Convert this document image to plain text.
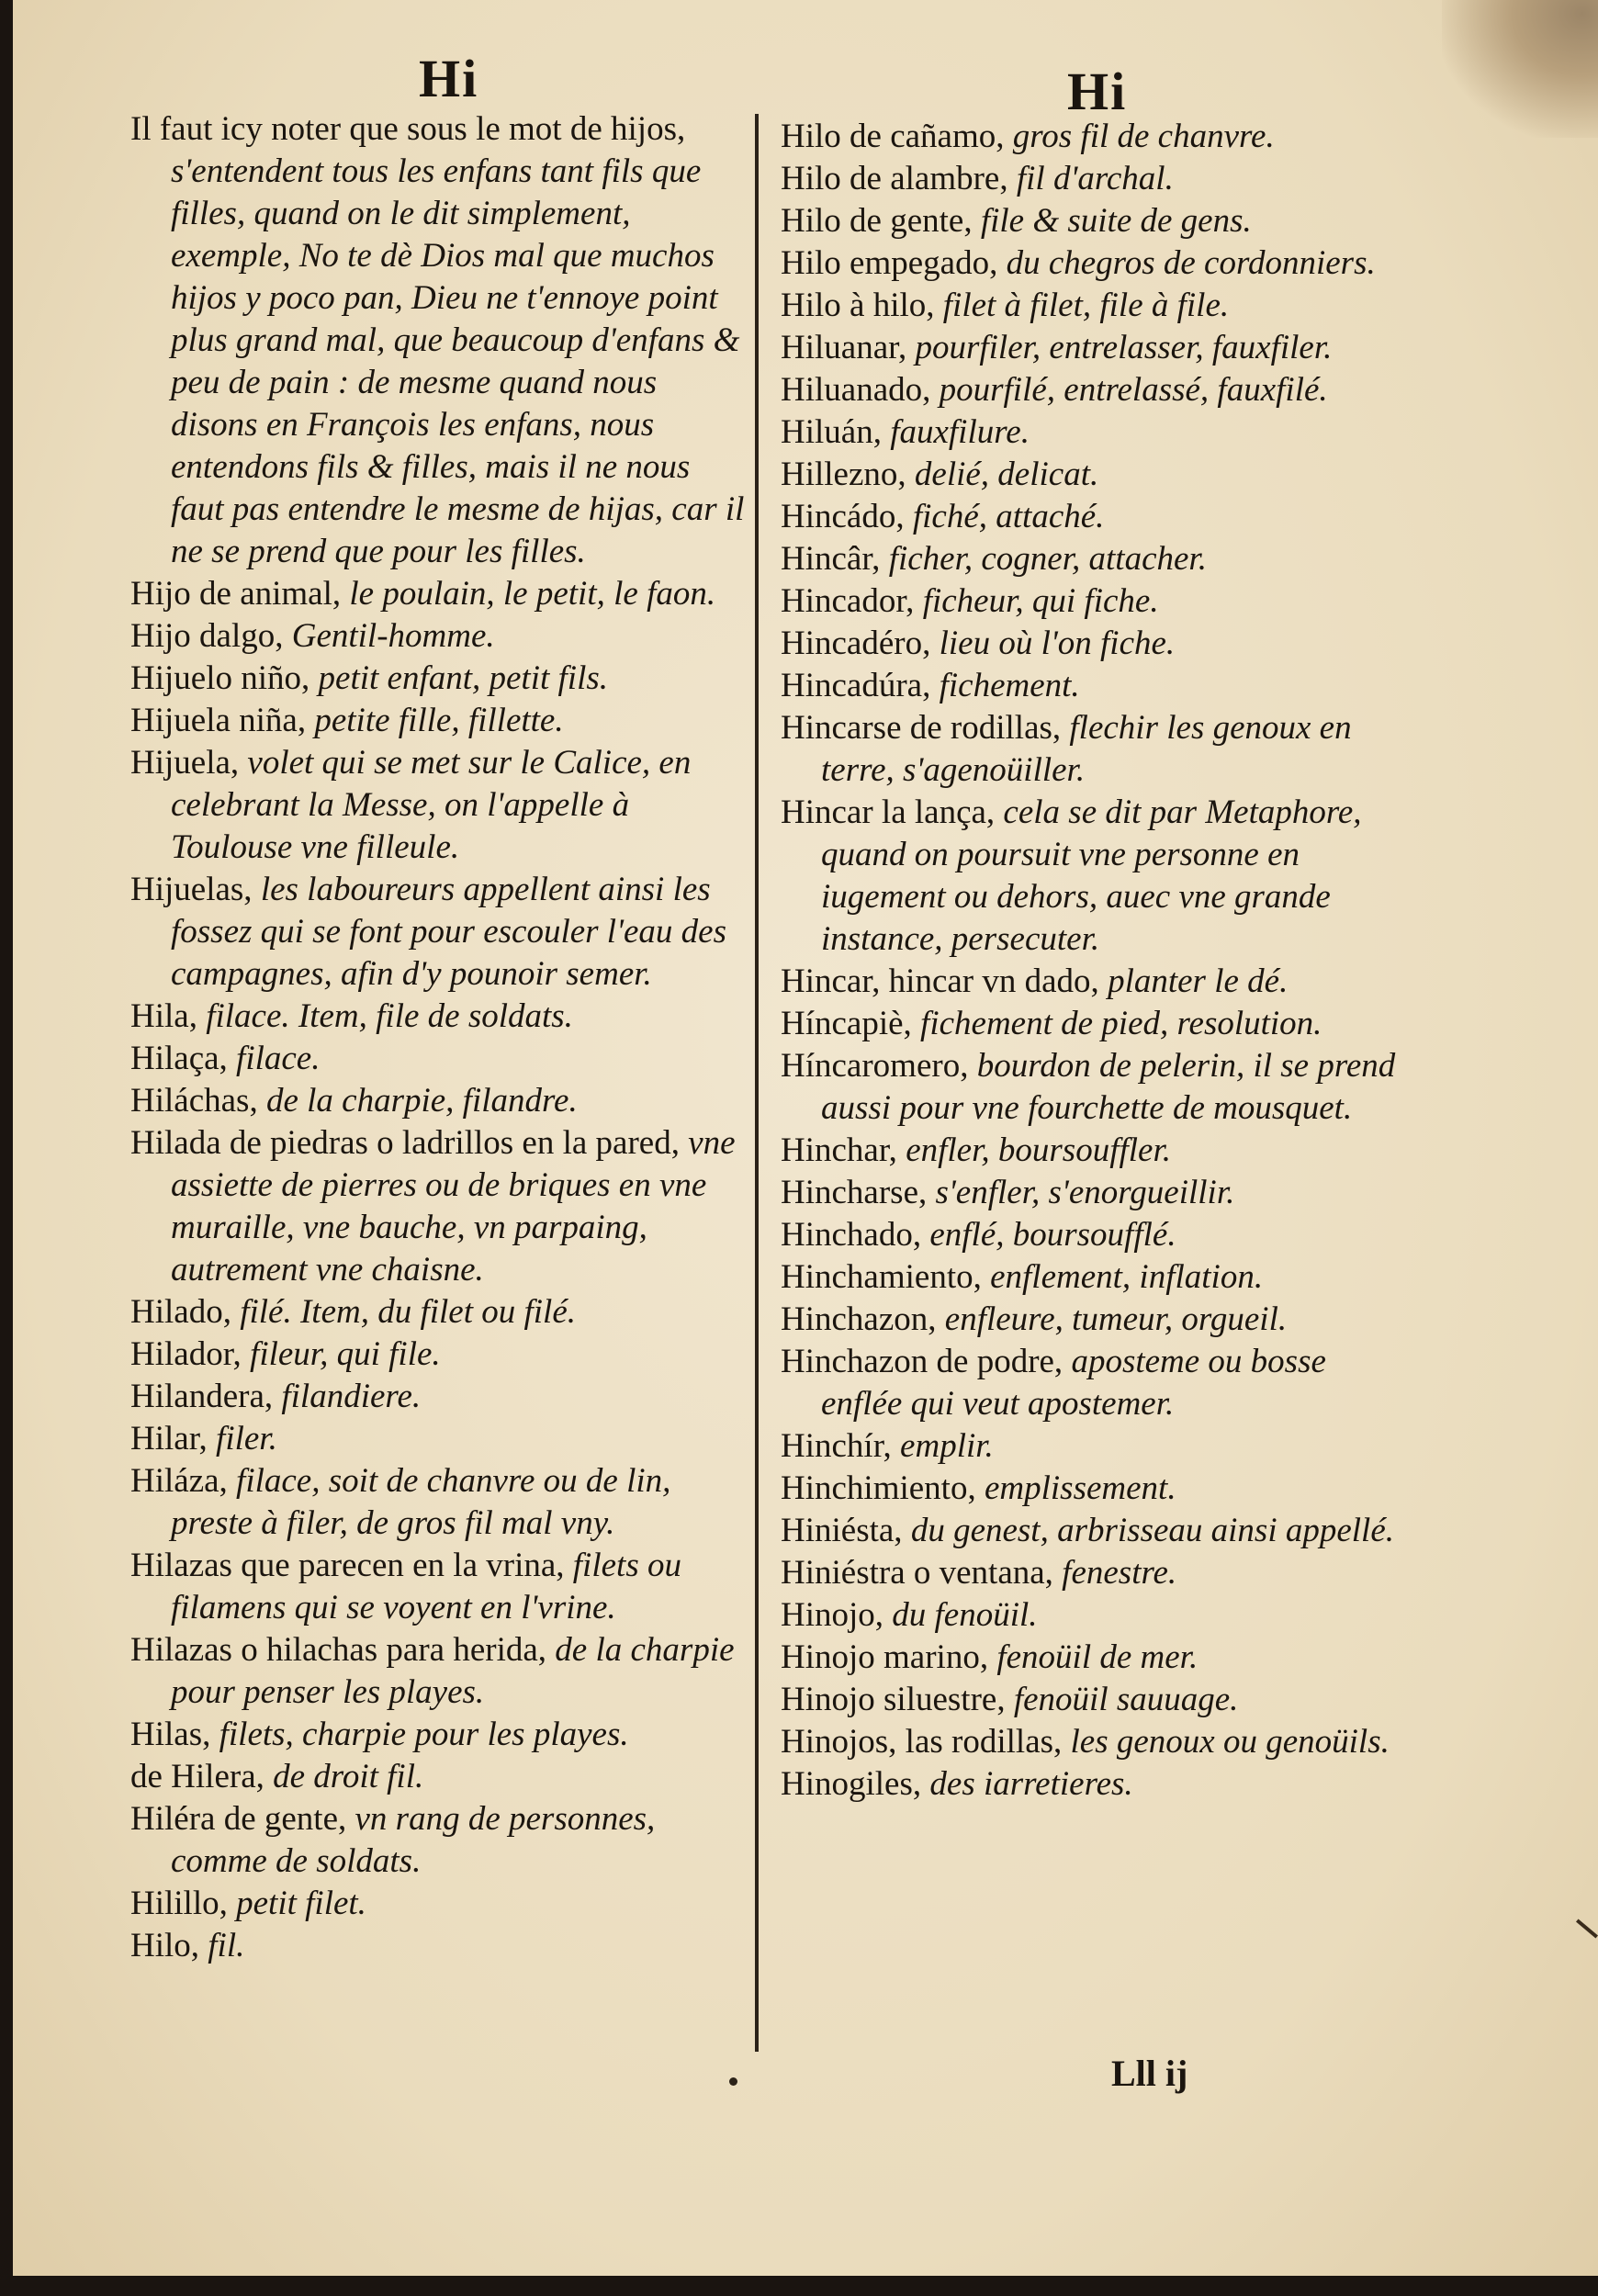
Hi	Hi

Il faut icy noter que sous le mot de hijos, s'entendent tous les enfans tant fils que filles, quand on le dit simplement, exemple, No te dè Dios mal que muchos hijos y poco pan, Dieu ne t'ennoye point plus grand mal, que beaucoup d'enfans & peu de pain : de mesme quand nous disons en François les enfans, nous entendons fils & filles, mais il ne nous faut pas entendre le mesme de hijas, car il ne se prend que pour les filles.

Hijo de animal, le poulain, le petit, le faon.

Hijo dalgo, Gentil-homme.

Hijuelo niño, petit enfant, petit fils.

Hijuela niña, petite fille, fillette.

Hijuela, volet qui se met sur le Calice, en celebrant la Messe, on l'appelle à Toulouse vne filleule.

Hijuelas, les laboureurs appellent ainsi les fossez qui se font pour escouler l'eau des campagnes, afin d'y pounoir semer.

Hila, filace. Item, file de soldats.

Hilaça, filace.

Hiláchas, de la charpie, filandre.

Hilada de piedras o ladrillos en la pared, vne assiette de pierres ou de briques en vne muraille, vne bauche, vn parpaing, autrement vne chaisne.

Hilado, filé. Item, du filet ou filé.

Hilador, fileur, qui file.

Hilandera, filandiere.

Hilar, filer.

Hiláza, filace, soit de chanvre ou de lin, preste à filer, de gros fil mal vny.

Hilazas que parecen en la vrina, filets ou filamens qui se voyent en l'vrine.

Hilazas o hilachas para herida, de la charpie pour penser les playes.

Hilas, filets, charpie pour les playes.

de Hilera, de droit fil.

Hiléra de gente, vn rang de personnes, comme de soldats.

Hilillo, petit filet.

Hilo, fil.

Hilo de cañamo, gros fil de chanvre.

Hilo de alambre, fil d'archal.

Hilo de gente, file & suite de gens.

Hilo empegado, du chegros de cordonniers.

Hilo à hilo, filet à filet, file à file.

Hiluanar, pourfiler, entrelasser, fauxfiler.

Hiluanado, pourfilé, entrelassé, fauxfilé.

Hiluán, fauxfilure.

Hillezno, delié, delicat.

Hincádo, fiché, attaché.

Hincâr, ficher, cogner, attacher.

Hincador, ficheur, qui fiche.

Hincadéro, lieu où l'on fiche.

Hincadúra, fichement.

Hincarse de rodillas, flechir les genoux en terre, s'agenoüiller.

Hincar la lança, cela se dit par Metaphore, quand on poursuit vne personne en iugement ou dehors, auec vne grande instance, persecuter.

Hincar, hincar vn dado, planter le dé.

Híncapiè, fichement de pied, resolution.

Híncaromero, bourdon de pelerin, il se prend aussi pour vne fourchette de mousquet.

Hinchar, enfler, boursouffler.

Hincharse, s'enfler, s'enorgueillir.

Hinchado, enflé, boursoufflé.

Hinchamiento, enflement, inflation.

Hinchazon, enfleure, tumeur, orgueil.

Hinchazon de podre, aposteme ou bosse enflée qui veut apostemer.

Hinchír, emplir.

Hinchimiento, emplissement.

Hiniésta, du genest, arbrisseau ainsi appellé.

Hiniéstra o ventana, fenestre.

Hinojo, du fenoüil.

Hinojo marino, fenoüil de mer.

Hinojo siluestre, fenoüil sauuage.

Hinojos, las rodillas, les genoux ou genoüils.

Hinogiles, des iarretieres.

Lll ij
